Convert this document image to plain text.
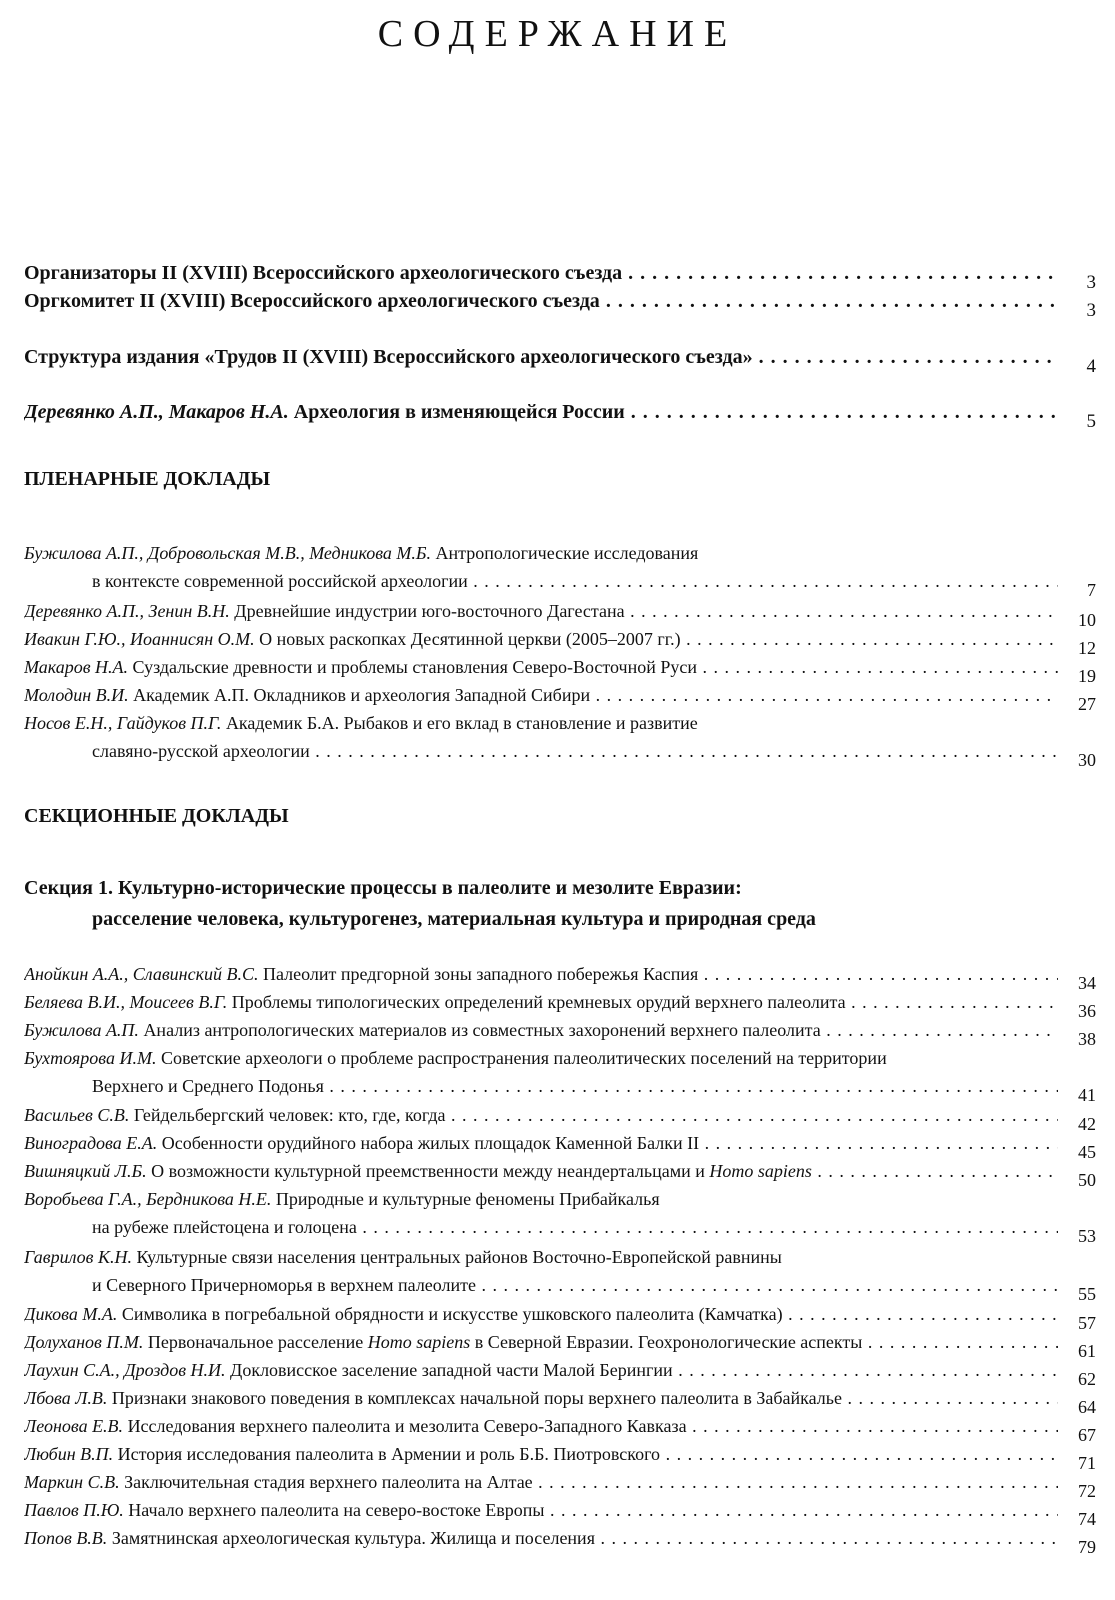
СОДЕРЖАНИЕ
Организаторы II (XVIII) Всероссийского археологического съезда . . .	3
Оргкомитет II (XVIII) Всероссийского археологического съезда . . .	3
Структура издания «Трудов II (XVIII) Всероссийского археологического съезда» . . .	4
Деревянко А.П., Макаров Н.А. Археология в изменяющейся России . . .	5
ПЛЕНАРНЫЕ ДОКЛАДЫ
Бужилова А.П., Добровольская М.В., Медникова М.Б. Антропологические исследования
в контексте современной российской археологии . . .	7
Деревянко А.П., Зенин В.Н. Древнейшие индустрии юго-восточного Дагестана . . .	10
Ивакин Г.Ю., Иоаннисян О.М. О новых раскопках Десятинной церкви (2005–2007 гг.) . . .	12
Макаров Н.А. Суздальские древности и проблемы становления Северо-Восточной Руси . . .	19
Молодин В.И. Академик А.П. Окладников и археология Западной Сибири . . .	27
Носов Е.Н., Гайдуков П.Г. Академик Б.А. Рыбаков и его вклад в становление и развитие
славяно-русской археологии . . .	30
СЕКЦИОННЫЕ ДОКЛАДЫ
Секция 1. Культурно-исторические процессы в палеолите и мезолите Евразии:
расселение человека, культурогенез, материальная культура и природная среда
Анойкин А.А., Славинский В.С. Палеолит предгорной зоны западного побережья Каспия . . .	34
Беляева В.И., Моисеев В.Г. Проблемы типологических определений кремневых орудий верхнего палеолита . . .	36
Бужилова А.П. Анализ антропологических материалов из совместных захоронений верхнего палеолита . . .	38
Бухтоярова И.М. Советские археологи о проблеме распространения палеолитических поселений на территории
Верхнего и Среднего Подонья . . .	41
Васильев С.В. Гейдельбергский человек: кто, где, когда . . .	42
Виноградова Е.А. Особенности орудийного набора жилых площадок Каменной Балки II . . .	45
Вишняцкий Л.Б. О возможности культурной преемственности между неандертальцами и Homo sapiens . . .	50
Воробьева Г.А., Бердникова Н.Е. Природные и культурные феномены Прибайкалья
на рубеже плейстоцена и голоцена . . .	53
Гаврилов К.Н. Культурные связи населения центральных районов Восточно-Европейской равнины
и Северного Причерноморья в верхнем палеолите . . .	55
Дикова М.А. Символика в погребальной обрядности и искусстве ушковского палеолита (Камчатка) . . .	57
Долуханов П.М. Первоначальное расселение Homo sapiens в Северной Евразии. Геохронологические аспекты . . .	61
Лаухин С.А., Дроздов Н.И. Докловисское заселение западной части Малой Берингии . . .	62
Лбова Л.В. Признаки знакового поведения в комплексах начальной поры верхнего палеолита в Забайкалье . . .	64
Леонова Е.В. Исследования верхнего палеолита и мезолита Северо-Западного Кавказа . . .	67
Любин В.П. История исследования палеолита в Армении и роль Б.Б. Пиотровского . . .	71
Маркин С.В. Заключительная стадия верхнего палеолита на Алтае . . .	72
Павлов П.Ю. Начало верхнего палеолита на северо-востоке Европы . . .	74
Попов В.В. Замятнинская археологическая культура. Жилища и поселения . . .	79
